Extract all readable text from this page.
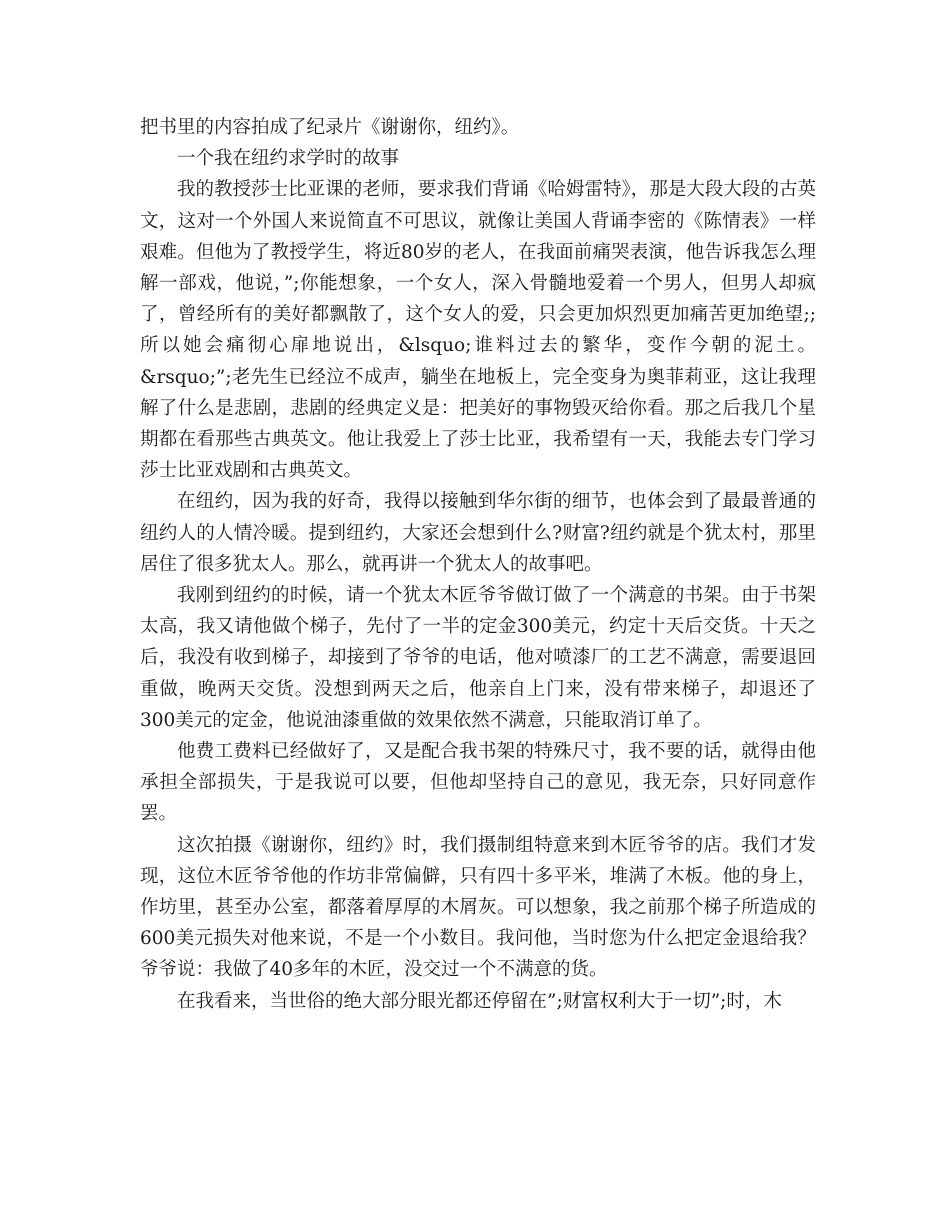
把书里的内容拍成了纪录片《谢谢你，纽约》。

一个我在纽约求学时的故事

我的教授莎士比亚课的老师，要求我们背诵《哈姆雷特》，那是大段大段的古英文，这对一个外国人来说简直不可思议，就像让美国人背诵李密的《陈情表》一样艰难。但他为了教授学生，将近80岁的老人，在我面前痛哭表演，他告诉我怎么理解一部戏，他说，”;你能想象，一个女人，深入骨髓地爱着一个男人，但男人却疯了，曾经所有的美好都飘散了，这个女人的爱，只会更加炽烈更加痛苦更加绝望;;所以她会痛彻心扉地说出，&lsquo;谁料过去的繁华，变作今朝的泥土。&rsquo;”;老先生已经泣不成声，躺坐在地板上，完全变身为奥菲莉亚，这让我理解了什么是悲剧，悲剧的经典定义是：把美好的事物毁灭给你看。那之后我几个星期都在看那些古典英文。他让我爱上了莎士比亚，我希望有一天，我能去专门学习莎士比亚戏剧和古典英文。

在纽约，因为我的好奇，我得以接触到华尔街的细节，也体会到了最最普通的纽约人的人情冷暖。提到纽约，大家还会想到什么?财富?纽约就是个犹太村，那里居住了很多犹太人。那么，就再讲一个犹太人的故事吧。

我刚到纽约的时候，请一个犹太木匠爷爷做订做了一个满意的书架。由于书架太高，我又请他做个梯子，先付了一半的定金300美元，约定十天后交货。十天之后，我没有收到梯子，却接到了爷爷的电话，他对喷漆厂的工艺不满意，需要退回重做，晚两天交货。没想到两天之后，他亲自上门来，没有带来梯子，却退还了300美元的定金，他说油漆重做的效果依然不满意，只能取消订单了。

他费工费料已经做好了，又是配合我书架的特殊尺寸，我不要的话，就得由他承担全部损失，于是我说可以要，但他却坚持自己的意见，我无奈，只好同意作罢。

这次拍摄《谢谢你，纽约》时，我们摄制组特意来到木匠爷爷的店。我们才发现，这位木匠爷爷他的作坊非常偏僻，只有四十多平米，堆满了木板。他的身上，作坊里，甚至办公室，都落着厚厚的木屑灰。可以想象，我之前那个梯子所造成的600美元损失对他来说，不是一个小数目。我问他，当时您为什么把定金退给我？爷爷说：我做了40多年的木匠，没交过一个不满意的货。

在我看来，当世俗的绝大部分眼光都还停留在”;财富权利大于一切”;时，木
